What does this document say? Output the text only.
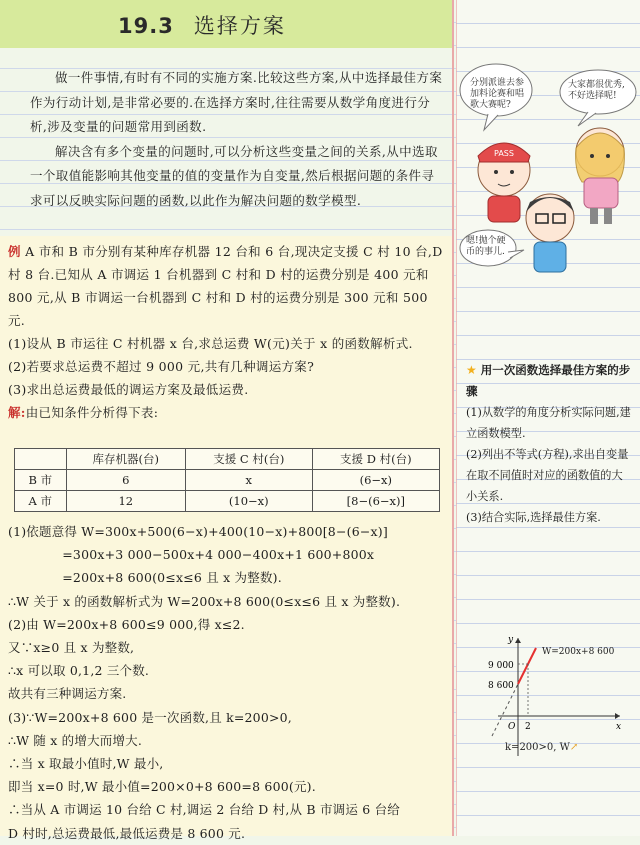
19.3 选择方案

做一件事情,有时有不同的实施方案.比较这些方案,从中选择最佳方案作为行动计划,是非常必要的.在选择方案时,往往需要从数学角度进行分析,涉及变量的问题常用到函数.

解决含有多个变量的问题时,可以分析这些变量之间的关系,从中选取一个取值能影响其他变量的值的变量作为自变量,然后根据问题的条件寻求可以反映实际问题的函数,以此作为解决问题的数学模型.

PASS
分别派谁去参加料论赛和唱歌大赛呢?
大家都很优秀,不好选择呢!
嗯!抛个硬币的事儿.

例 A 市和 B 市分别有某种库存机器 12 台和 6 台,现决定支援 C 村 10 台,D 村 8 台.已知从 A 市调运 1 台机器到 C 村和 D 村的运费分别是 400 元和 800 元,从 B 市调运一台机器到 C 村和 D 村的运费分别是 300 元和 500 元.

(1)设从 B 市运往 C 村机器 x 台,求总运费 W(元)关于 x 的函数解析式.

(2)若要求总运费不超过 9 000 元,共有几种调运方案?

(3)求出总运费最低的调运方案及最低运费.

解:由已知条件分析得下表:

	库存机器(台)	支援 C 村(台)	支援 D 村(台)
B 市	6	x	(6−x)
A 市	12	(10−x)	[8−(6−x)]

(1)依题意得 W=300x+500(6−x)+400(10−x)+800[8−(6−x)]

=300x+3 000−500x+4 000−400x+1 600+800x

=200x+8 600(0≤x≤6 且 x 为整数).

∴W 关于 x 的函数解析式为 W=200x+8 600(0≤x≤6 且 x 为整数).

(2)由 W=200x+8 600≤9 000,得 x≤2.

又∵x≥0 且 x 为整数,

∴x 可以取 0,1,2 三个数.

故共有三种调运方案.

(3)∵W=200x+8 600 是一次函数,且 k=200>0,

∴W 随 x 的增大而增大.

∴当 x 取最小值时,W 最小,

即当 x=0 时,W 最小值=200×0+8 600=8 600(元).

∴当从 A 市调运 10 台给 C 村,调运 2 台给 D 村,从 B 市调运 6 台给

D 村时,总运费最低,最低运费是 8 600 元.

★ 用一次函数选择最佳方案的步骤

(1)从数学的角度分析实际问题,建立函数模型.

(2)列出不等式(方程),求出自变量在取不同值时对应的函数值的大小关系.

(3)结合实际,选择最佳方案.

y
x
O
9 000
8 600
2
W=200x+8 600
k=200>0, W↗
